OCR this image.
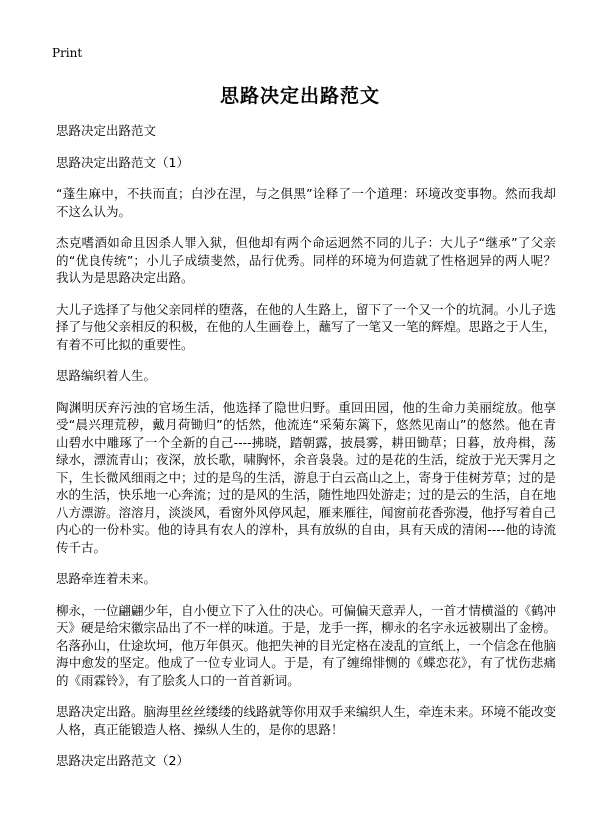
Print
思路决定出路范文

思路决定出路范文

思路决定出路范文（1）

“蓬生麻中，不扶而直；白沙在涅，与之俱黑”诠释了一个道理：环境改变事物。然而我却不这么认为。

杰克嗜酒如命且因杀人罪入狱，但他却有两个命运迥然不同的儿子：大儿子“继承”了父亲的“优良传统”；小儿子成绩斐然，品行优秀。同样的环境为何造就了性格迥异的两人呢？我认为是思路决定出路。

大儿子选择了与他父亲同样的堕落，在他的人生路上，留下了一个又一个的坑洞。小儿子选择了与他父亲相反的积极，在他的人生画卷上，蘸写了一笔又一笔的辉煌。思路之于人生，有着不可比拟的重要性。

思路编织着人生。

陶渊明厌弃污浊的官场生活，他选择了隐世归野。重回田园，他的生命力美丽绽放。他享受“晨兴理荒秽，戴月荷锄归”的恬然，他流连“采菊东篱下，悠然见南山”的悠然。他在青山碧水中雕琢了一个全新的自己----拂晓，踏朝露，披晨雾，耕田锄草；日暮，放舟楫，荡绿水，漂流青山；夜深，放长歌，啸胸怀，余音袅袅。过的是花的生活，绽放于光天霁月之下，生长微风细雨之中；过的是鸟的生活，游息于白云高山之上，寄身于佳树芳草；过的是水的生活，快乐地一心奔流；过的是风的生活，随性地四处游走；过的是云的生活，自在地八方漂游。溶溶月，淡淡风，看窗外风停风起，雁来雁往，闻窗前花香弥漫，他抒写着自己内心的一份朴实。他的诗具有农人的淳朴，具有放纵的自由，具有天成的清闲----他的诗流传千古。

思路牵连着未来。

柳永，一位翩翩少年，自小便立下了入仕的决心。可偏偏天意弄人，一首才情横溢的《鹤冲天》硬是给宋徽宗品出了不一样的味道。于是，龙手一挥，柳永的名字永远被剔出了金榜。名落孙山，仕途坎坷，他万年俱灭。他把失神的目光定格在凌乱的宣纸上，一个信念在他脑海中愈发的坚定。他成了一位专业词人。于是，有了缠绵悱恻的《蝶恋花》，有了忧伤悲痛的《雨霖铃》，有了脍炙人口的一首首新词。

思路决定出路。脑海里丝丝缕缕的线路就等你用双手来编织人生，牵连未来。环境不能改变人格，真正能锻造人格、操纵人生的，是你的思路！

思路决定出路范文（2）
